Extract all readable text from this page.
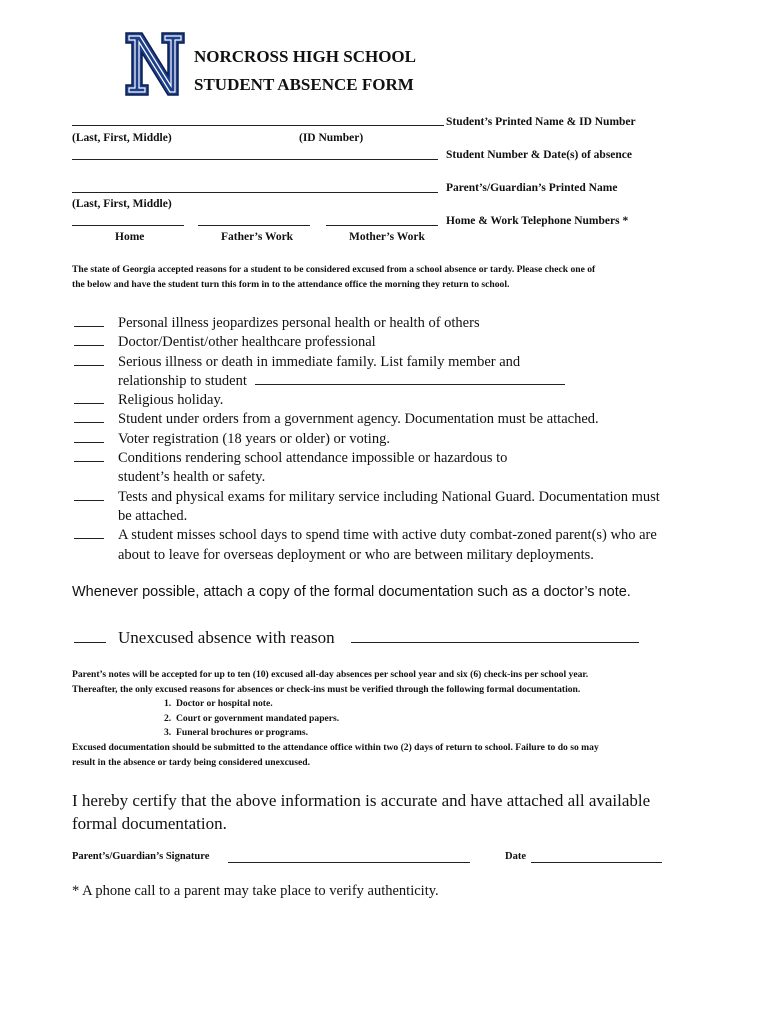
NORCROSS HIGH SCHOOL
STUDENT ABSENCE FORM
Student’s Printed Name & ID Number
(Last, First, Middle)	(ID Number)
Student Number & Date(s) of absence
Parent’s/Guardian’s Printed Name
(Last, First, Middle)
Home & Work Telephone Numbers *
Home	Father’s Work	Mother’s Work
The state of Georgia accepted reasons for a student to be considered excused from a school absence or tardy. Please check one of
the below and have the student turn this form in to the attendance office the morning they return to school.
Personal illness jeopardizes personal health or health of others
Doctor/Dentist/other healthcare professional
Serious illness or death in immediate family. List family member and
relationship to student
Religious holiday.
Student under orders from a government agency. Documentation must be attached.
Voter registration (18 years or older) or voting.
Conditions rendering school attendance impossible or hazardous to
student’s health or safety.
Tests and physical exams for military service including National Guard. Documentation must
be attached.
A student misses school days to spend time with active duty combat-zoned parent(s) who are
about to leave for overseas deployment or who are between military deployments.
Whenever possible, attach a copy of the formal documentation such as a doctor’s note.
Unexcused absence with reason
Parent’s notes will be accepted for up to ten (10) excused all-day absences per school year and six (6) check-ins per school year.
Thereafter, the only excused reasons for absences or check-ins must be verified through the following formal documentation.
1.  Doctor or hospital note.
2.  Court or government mandated papers.
3.  Funeral brochures or programs.
Excused documentation should be submitted to the attendance office within two (2) days of return to school. Failure to do so may
result in the absence or tardy being considered unexcused.
I hereby certify that the above information is accurate and have attached all available
formal documentation.
Parent’s/Guardian’s Signature	Date
* A phone call to a parent may take place to verify authenticity.
